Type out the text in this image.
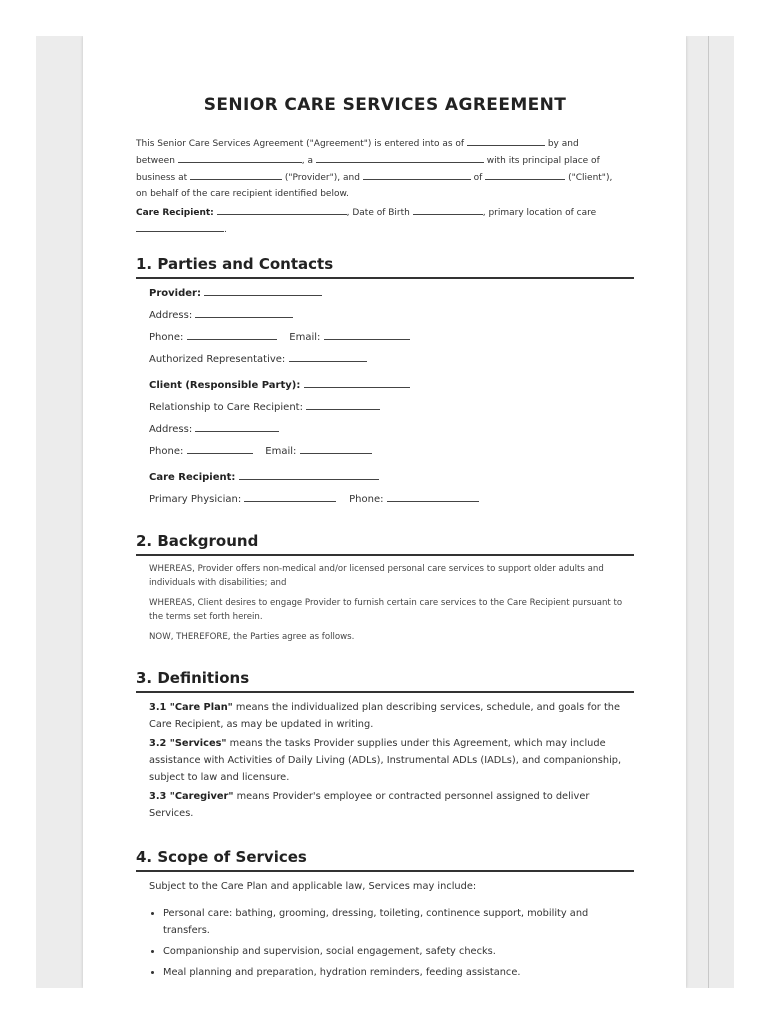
SENIOR CARE SERVICES AGREEMENT
This Senior Care Services Agreement ("Agreement") is entered into as of	by and
between	, a	with its principal place of
business at	("Provider"), and	of	("Client"),
on behalf of the care recipient identified below.
Care Recipient:	, Date of Birth	, primary location of care
.
1. Parties and Contacts
Provider:
Address:
Phone:	Email:
Authorized Representative:
Client (Responsible Party):
Relationship to Care Recipient:
Address:
Phone:	Email:
Care Recipient:
Primary Physician:	Phone:
2. Background

WHEREAS, Provider offers non-medical and/or licensed personal care services to support older adults and individuals with disabilities; and

WHEREAS, Client desires to engage Provider to furnish certain care services to the Care Recipient pursuant to the terms set forth herein.

NOW, THEREFORE, the Parties agree as follows.

3. Definitions

3.1 "Care Plan" means the individualized plan describing services, schedule, and goals for the Care Recipient, as may be updated in writing.

3.2 "Services" means the tasks Provider supplies under this Agreement, which may include assistance with Activities of Daily Living (ADLs), Instrumental ADLs (IADLs), and companionship, subject to law and licensure.

3.3 "Caregiver" means Provider's employee or contracted personnel assigned to deliver Services.

4. Scope of Services
Subject to the Care Plan and applicable law, Services may include:
• Personal care: bathing, grooming, dressing, toileting, continence support, mobility and transfers.
• Companionship and supervision, social engagement, safety checks.
• Meal planning and preparation, hydration reminders, feeding assistance.
